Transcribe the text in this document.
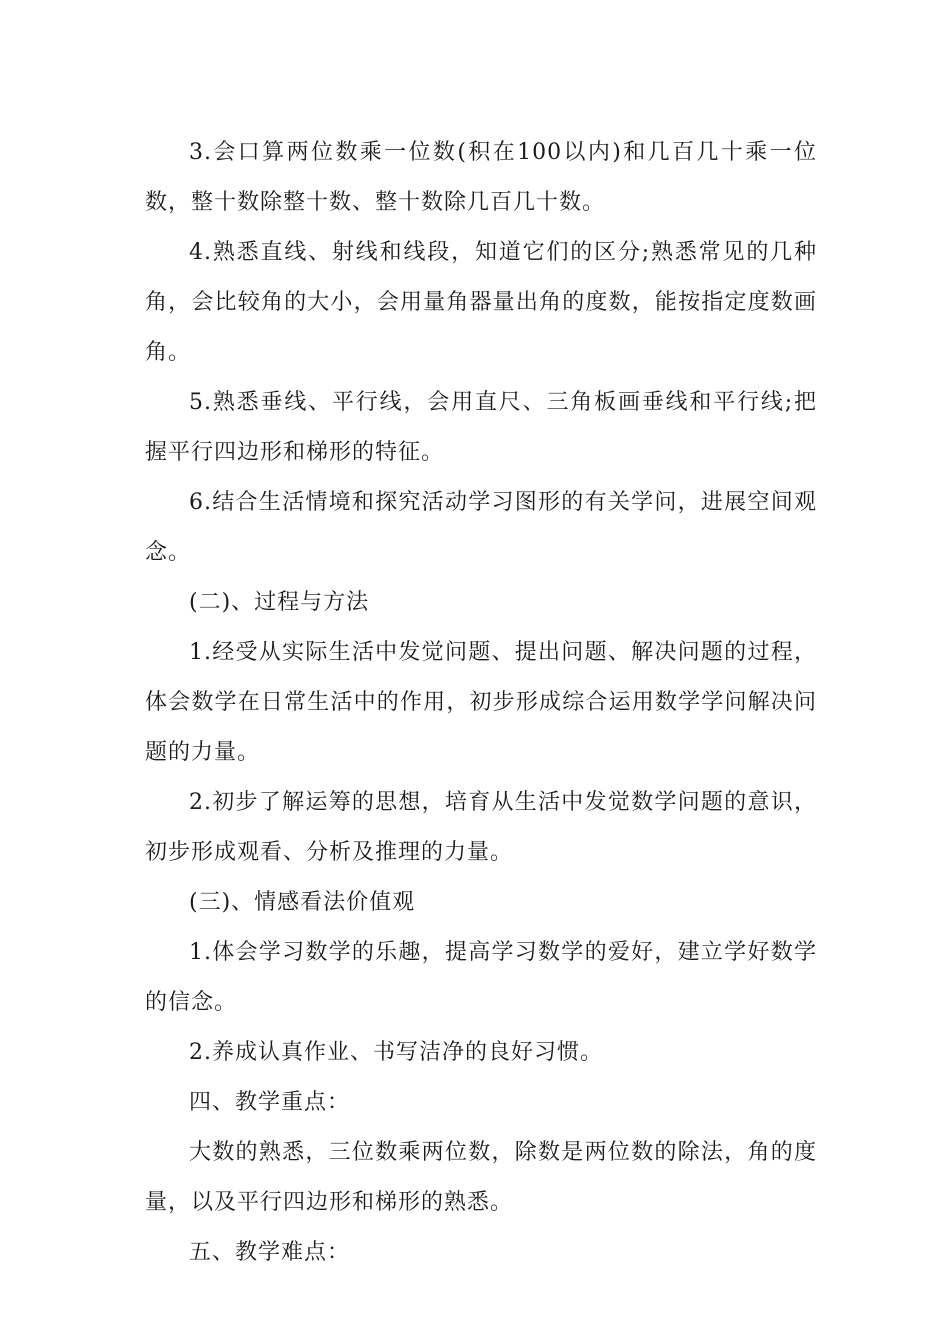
3.会口算两位数乘一位数(积在100以内)和几百几十乘一位数，整十数除整十数、整十数除几百几十数。

4.熟悉直线、射线和线段，知道它们的区分;熟悉常见的几种角，会比较角的大小，会用量角器量出角的度数，能按指定度数画角。

5.熟悉垂线、平行线，会用直尺、三角板画垂线和平行线;把握平行四边形和梯形的特征。

6.结合生活情境和探究活动学习图形的有关学问，进展空间观念。

(二)、过程与方法

1.经受从实际生活中发觉问题、提出问题、解决问题的过程，体会数学在日常生活中的作用，初步形成综合运用数学学问解决问题的力量。

2.初步了解运筹的思想，培育从生活中发觉数学问题的意识，初步形成观看、分析及推理的力量。

(三)、情感看法价值观

1.体会学习数学的乐趣，提高学习数学的爱好，建立学好数学的信念。

2.养成认真作业、书写洁净的良好习惯。

四、教学重点：

大数的熟悉，三位数乘两位数，除数是两位数的除法，角的度量，以及平行四边形和梯形的熟悉。

五、教学难点：
